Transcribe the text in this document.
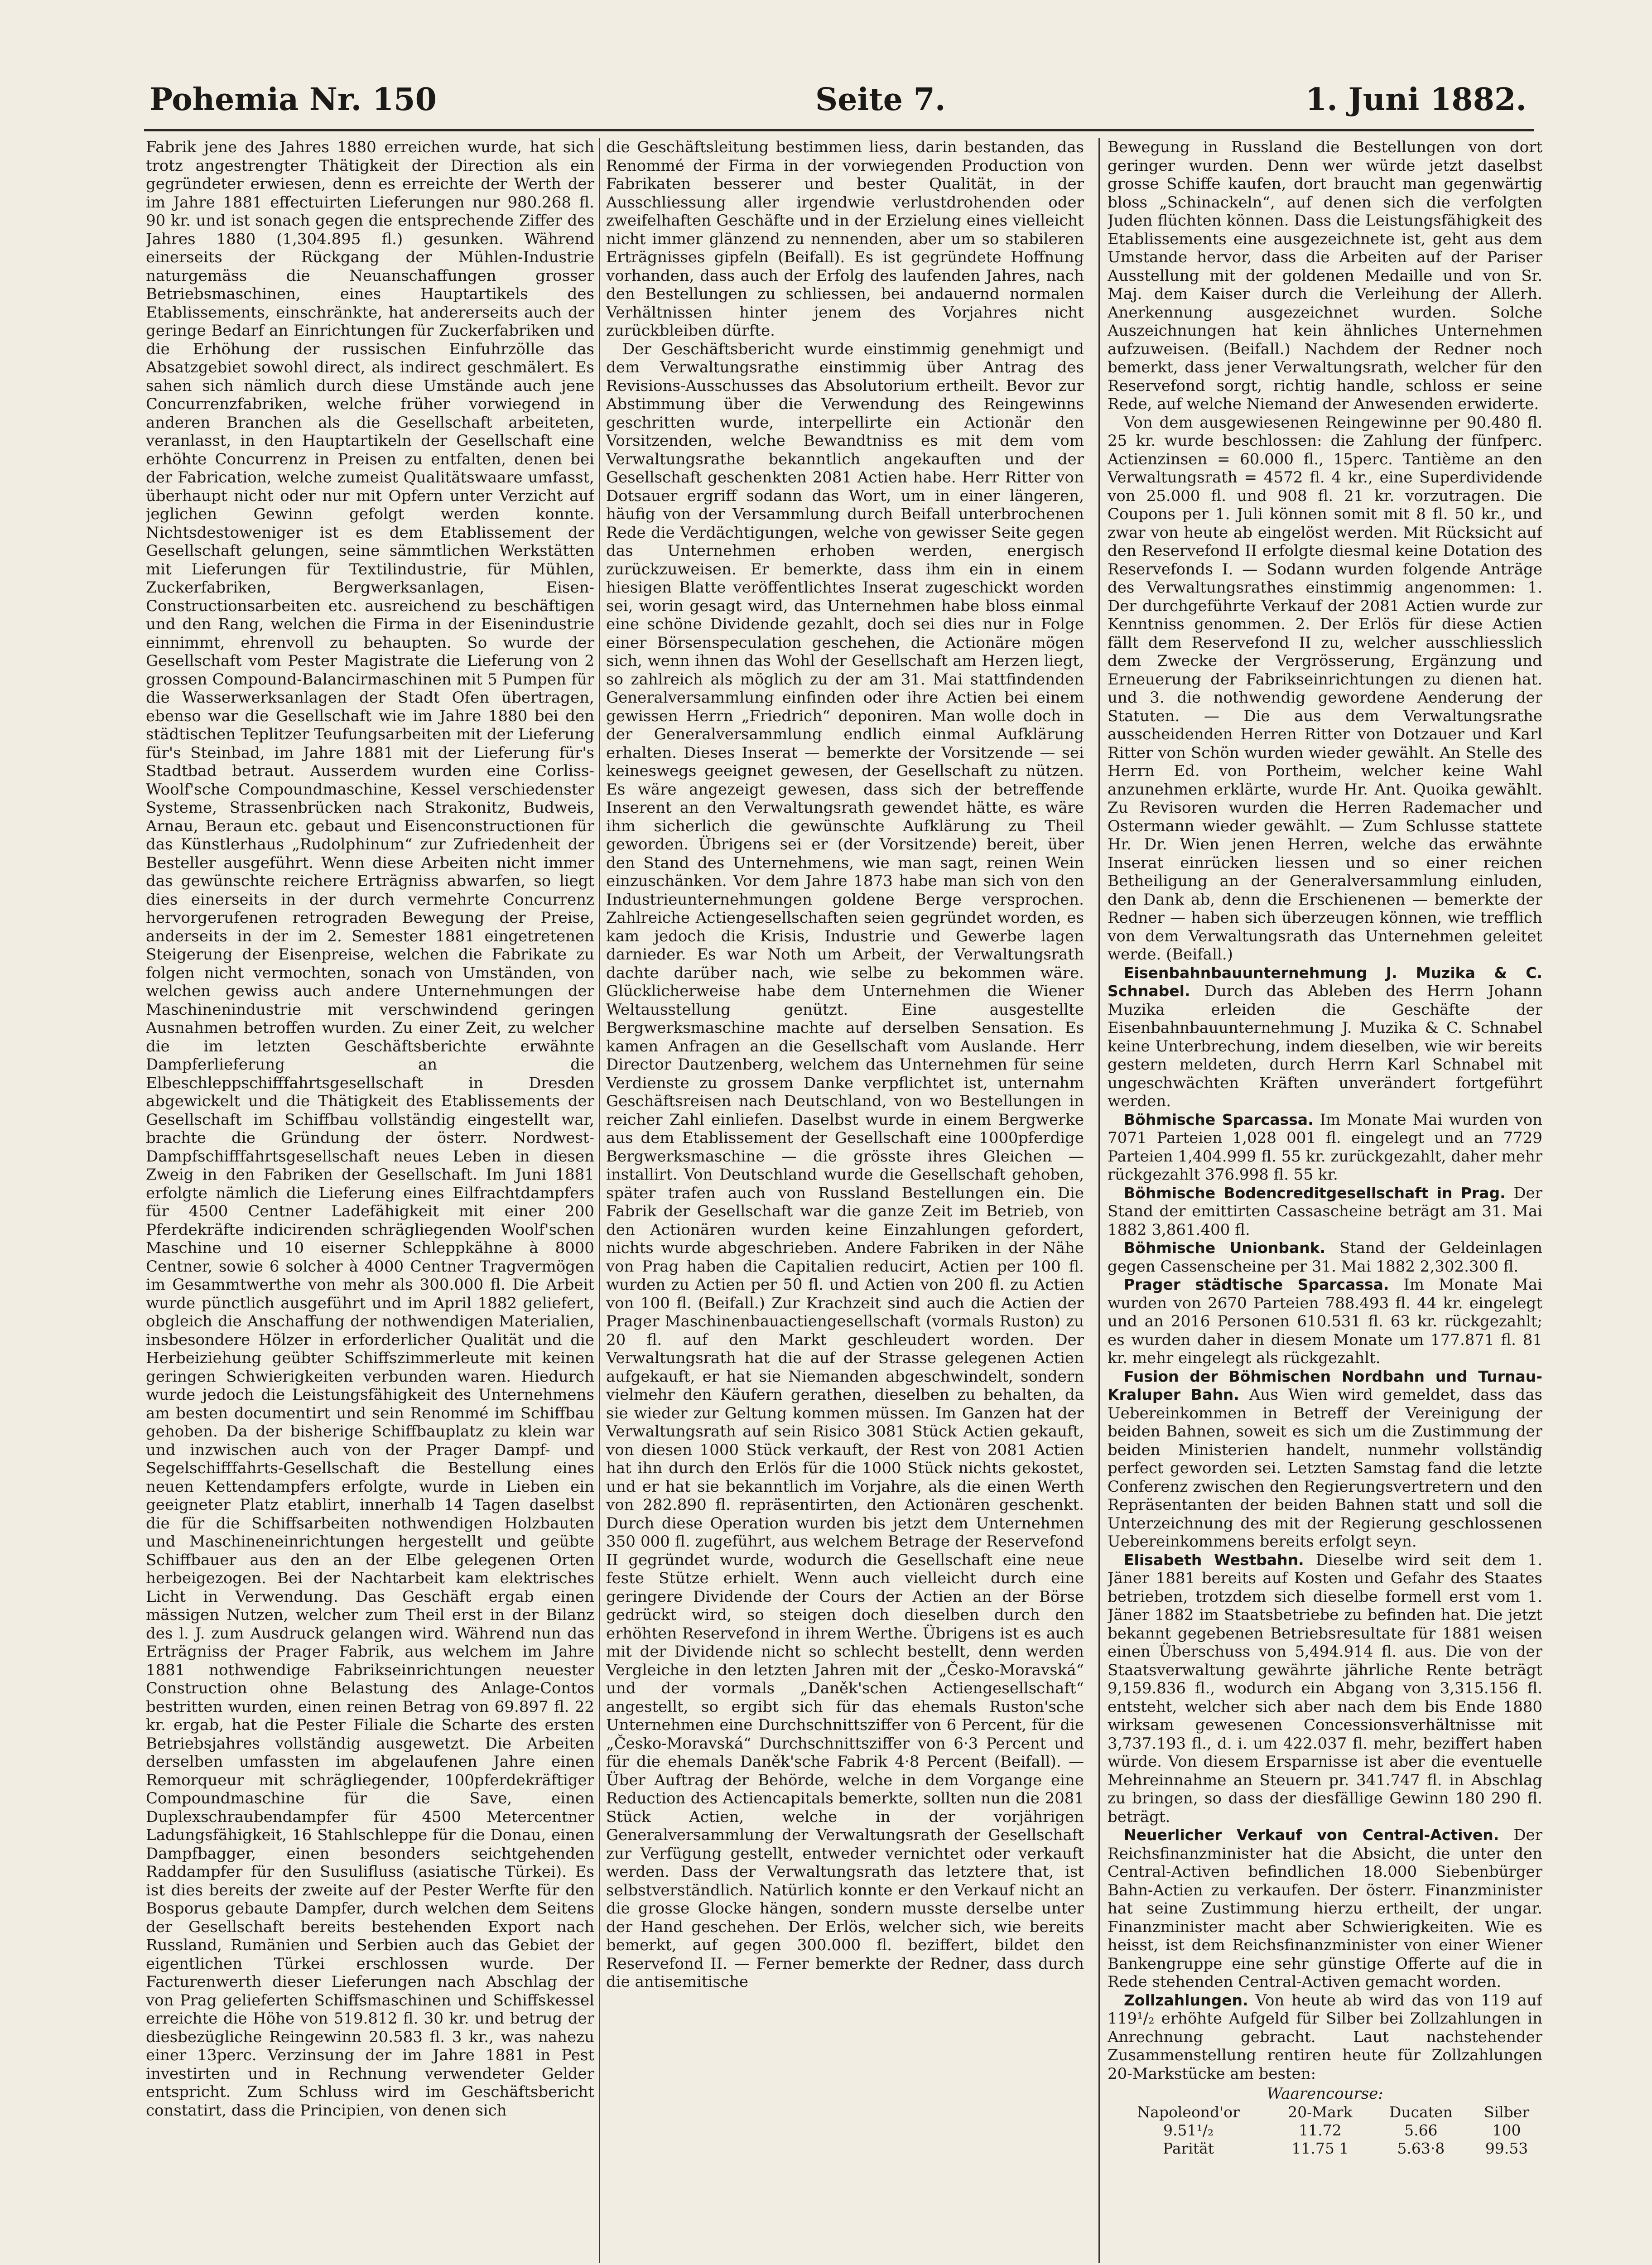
Pohemia Nr. 150	Seite 7.	1. Juni 1882.

Fabrik jene des Jahres 1880 erreichen wurde, hat sich trotz angestrengter Thätigkeit der Direction als ein gegründeter erwiesen, denn es erreichte der Werth der im Jahre 1881 effectuirten Lieferungen nur 980.268 fl. 90 kr. und ist sonach gegen die entsprechende Ziffer des Jahres 1880 (1,304.895 fl.) gesunken. Während einerseits der Rückgang der Mühlen-Industrie naturgemäss die Neuanschaffungen grosser Betriebsmaschinen, eines Hauptartikels des Etablissements, einschränkte, hat andererseits auch der geringe Bedarf an Einrichtungen für Zuckerfabriken und die Erhöhung der russischen Einfuhrzölle das Absatzgebiet sowohl direct, als indirect geschmälert. Es sahen sich nämlich durch diese Umstände auch jene Concurrenzfabriken, welche früher vorwiegend in anderen Branchen als die Gesellschaft arbeiteten, veranlasst, in den Hauptartikeln der Gesellschaft eine erhöhte Concurrenz in Preisen zu entfalten, denen bei der Fabrication, welche zumeist Qualitätswaare umfasst, überhaupt nicht oder nur mit Opfern unter Verzicht auf jeglichen Gewinn gefolgt werden konnte. Nichtsdestoweniger ist es dem Etablissement der Gesellschaft gelungen, seine sämmtlichen Werkstätten mit Lieferungen für Textilindustrie, für Mühlen, Zuckerfabriken, Bergwerksanlagen, Eisen-Constructionsarbeiten etc. ausreichend zu beschäftigen und den Rang, welchen die Firma in der Eisenindustrie einnimmt, ehrenvoll zu behaupten. So wurde der Gesellschaft vom Pester Magistrate die Lieferung von 2 grossen Compound-Balancirmaschinen mit 5 Pumpen für die Wasserwerksanlagen der Stadt Ofen übertragen, ebenso war die Gesellschaft wie im Jahre 1880 bei den städtischen Teplitzer Teufungsarbeiten mit der Lieferung für's Steinbad, im Jahre 1881 mit der Lieferung für's Stadtbad betraut. Ausserdem wurden eine Corliss-Woolf'sche Compoundmaschine, Kessel verschiedenster Systeme, Strassenbrücken nach Strakonitz, Budweis, Arnau, Beraun etc. gebaut und Eisenconstructionen für das Künstlerhaus „Rudolphinum“ zur Zufriedenheit der Besteller ausgeführt. Wenn diese Arbeiten nicht immer das gewünschte reichere Erträgniss abwarfen, so liegt dies einerseits in der durch vermehrte Concurrenz hervorgerufenen retrograden Bewegung der Preise, anderseits in der im 2. Semester 1881 eingetretenen Steigerung der Eisenpreise, welchen die Fabrikate zu folgen nicht vermochten, sonach von Umständen, von welchen gewiss auch andere Unternehmungen der Maschinenindustrie mit verschwindend geringen Ausnahmen betroffen wurden. Zu einer Zeit, zu welcher die im letzten Geschäftsberichte erwähnte Dampferlieferung an die Elbeschleppschifffahrtsgesellschaft in Dresden abgewickelt und die Thätigkeit des Etablissements der Gesellschaft im Schiffbau vollständig eingestellt war, brachte die Gründung der österr. Nordwest-Dampfschifffahrtsgesellschaft neues Leben in diesen Zweig in den Fabriken der Gesellschaft. Im Juni 1881 erfolgte nämlich die Lieferung eines Eilfrachtdampfers für 4500 Centner Ladefähigkeit mit einer 200 Pferdekräfte indicirenden schrägliegenden Woolf'schen Maschine und 10 eiserner Schleppkähne à 8000 Centner, sowie 6 solcher à 4000 Centner Tragvermögen im Gesammtwerthe von mehr als 300.000 fl. Die Arbeit wurde pünctlich ausgeführt und im April 1882 geliefert, obgleich die Anschaffung der nothwendigen Materialien, insbesondere Hölzer in erforderlicher Qualität und die Herbeiziehung geübter Schiffszimmerleute mit keinen geringen Schwierigkeiten verbunden waren. Hiedurch wurde jedoch die Leistungsfähigkeit des Unternehmens am besten documentirt und sein Renommé im Schiffbau gehoben. Da der bisherige Schiffbauplatz zu klein war und inzwischen auch von der Prager Dampf- und Segelschifffahrts-Gesellschaft die Bestellung eines neuen Kettendampfers erfolgte, wurde in Lieben ein geeigneter Platz etablirt, innerhalb 14 Tagen daselbst die für die Schiffsarbeiten nothwendigen Holzbauten und Maschineneinrichtungen hergestellt und geübte Schiffbauer aus den an der Elbe gelegenen Orten herbeigezogen. Bei der Nachtarbeit kam elektrisches Licht in Verwendung. Das Geschäft ergab einen mässigen Nutzen, welcher zum Theil erst in der Bilanz des l. J. zum Ausdruck gelangen wird. Während nun das Erträgniss der Prager Fabrik, aus welchem im Jahre 1881 nothwendige Fabrikseinrichtungen neuester Construction ohne Belastung des Anlage-Contos bestritten wurden, einen reinen Betrag von 69.897 fl. 22 kr. ergab, hat die Pester Filiale die Scharte des ersten Betriebsjahres vollständig ausgewetzt. Die Arbeiten derselben umfassten im abgelaufenen Jahre einen Remorqueur mit schrägliegender, 100pferdekräftiger Compoundmaschine für die Save, einen Duplexschraubendampfer für 4500 Metercentner Ladungsfähigkeit, 16 Stahlschleppe für die Donau, einen Dampfbagger, einen besonders seichtgehenden Raddampfer für den Susulifluss (asiatische Türkei). Es ist dies bereits der zweite auf der Pester Werfte für den Bosporus gebaute Dampfer, durch welchen dem Seitens der Gesellschaft bereits bestehenden Export nach Russland, Rumänien und Serbien auch das Gebiet der eigentlichen Türkei erschlossen wurde. Der Facturenwerth dieser Lieferungen nach Abschlag der von Prag gelieferten Schiffsmaschinen und Schiffskessel erreichte die Höhe von 519.812 fl. 30 kr. und betrug der diesbezügliche Reingewinn 20.583 fl. 3 kr., was nahezu einer 13perc. Verzinsung der im Jahre 1881 in Pest investirten und in Rechnung verwendeter Gelder entspricht. Zum Schluss wird im Geschäftsbericht constatirt, dass die Principien, von denen sich

die Geschäftsleitung bestimmen liess, darin bestanden, das Renommé der Firma in der vorwiegenden Production von Fabrikaten besserer und bester Qualität, in der Ausschliessung aller irgendwie verlustdrohenden oder zweifelhaften Geschäfte und in der Erzielung eines vielleicht nicht immer glänzend zu nennenden, aber um so stabileren Erträgnisses gipfeln (Beifall). Es ist gegründete Hoffnung vorhanden, dass auch der Erfolg des laufenden Jahres, nach den Bestellungen zu schliessen, bei andauernd normalen Verhältnissen hinter jenem des Vorjahres nicht zurückbleiben dürfte.

Der Geschäftsbericht wurde einstimmig genehmigt und dem Verwaltungsrathe einstimmig über Antrag des Revisions-Ausschusses das Absolutorium ertheilt. Bevor zur Abstimmung über die Verwendung des Reingewinns geschritten wurde, interpellirte ein Actionär den Vorsitzenden, welche Bewandtniss es mit dem vom Verwaltungsrathe bekanntlich angekauften und der Gesellschaft geschenkten 2081 Actien habe. Herr Ritter von Dotsauer ergriff sodann das Wort, um in einer längeren, häufig von der Versammlung durch Beifall unterbrochenen Rede die Verdächtigungen, welche von gewisser Seite gegen das Unternehmen erhoben werden, energisch zurückzuweisen. Er bemerkte, dass ihm ein in einem hiesigen Blatte veröffentlichtes Inserat zugeschickt worden sei, worin gesagt wird, das Unternehmen habe bloss einmal eine schöne Dividende gezahlt, doch sei dies nur in Folge einer Börsenspeculation geschehen, die Actionäre mögen sich, wenn ihnen das Wohl der Gesellschaft am Herzen liegt, so zahlreich als möglich zu der am 31. Mai stattfindenden Generalversammlung einfinden oder ihre Actien bei einem gewissen Herrn „Friedrich“ deponiren. Man wolle doch in der Generalversammlung endlich einmal Aufklärung erhalten. Dieses Inserat — bemerkte der Vorsitzende — sei keineswegs geeignet gewesen, der Gesellschaft zu nützen. Es wäre angezeigt gewesen, dass sich der betreffende Inserent an den Verwaltungsrath gewendet hätte, es wäre ihm sicherlich die gewünschte Aufklärung zu Theil geworden. Übrigens sei er (der Vorsitzende) bereit, über den Stand des Unternehmens, wie man sagt, reinen Wein einzuschänken. Vor dem Jahre 1873 habe man sich von den Industrieunternehmungen goldene Berge versprochen. Zahlreiche Actiengesellschaften seien gegründet worden, es kam jedoch die Krisis, Industrie und Gewerbe lagen darnieder. Es war Noth um Arbeit, der Verwaltungsrath dachte darüber nach, wie selbe zu bekommen wäre. Glücklicherweise habe dem Unternehmen die Wiener Weltausstellung genützt. Eine ausgestellte Bergwerksmaschine machte auf derselben Sensation. Es kamen Anfragen an die Gesellschaft vom Auslande. Herr Director Dautzenberg, welchem das Unternehmen für seine Verdienste zu grossem Danke verpflichtet ist, unternahm Geschäftsreisen nach Deutschland, von wo Bestellungen in reicher Zahl einliefen. Daselbst wurde in einem Bergwerke aus dem Etablissement der Gesellschaft eine 1000pferdige Bergwerksmaschine — die grösste ihres Gleichen — installirt. Von Deutschland wurde die Gesellschaft gehoben, später trafen auch von Russland Bestellungen ein. Die Fabrik der Gesellschaft war die ganze Zeit im Betrieb, von den Actionären wurden keine Einzahlungen gefordert, nichts wurde abgeschrieben. Andere Fabriken in der Nähe von Prag haben die Capitalien reducirt, Actien per 100 fl. wurden zu Actien per 50 fl. und Actien von 200 fl. zu Actien von 100 fl. (Beifall.) Zur Krachzeit sind auch die Actien der Prager Maschinenbauactiengesellschaft (vormals Ruston) zu 20 fl. auf den Markt geschleudert worden. Der Verwaltungsrath hat die auf der Strasse gelegenen Actien aufgekauft, er hat sie Niemanden abgeschwindelt, sondern vielmehr den Käufern gerathen, dieselben zu behalten, da sie wieder zur Geltung kommen müssen. Im Ganzen hat der Verwaltungsrath auf sein Risico 3081 Stück Actien gekauft, von diesen 1000 Stück verkauft, der Rest von 2081 Actien hat ihn durch den Erlös für die 1000 Stück nichts gekostet, und er hat sie bekanntlich im Vorjahre, als die einen Werth von 282.890 fl. repräsentirten, den Actionären geschenkt. Durch diese Operation wurden bis jetzt dem Unternehmen 350 000 fl. zugeführt, aus welchem Betrage der Reservefond II gegründet wurde, wodurch die Gesellschaft eine neue feste Stütze erhielt. Wenn auch vielleicht durch eine geringere Dividende der Cours der Actien an der Börse gedrückt wird, so steigen doch dieselben durch den erhöhten Reservefond in ihrem Werthe. Übrigens ist es auch mit der Dividende nicht so schlecht bestellt, denn werden Vergleiche in den letzten Jahren mit der „Česko-Moravská“ und der vormals „Daněk'schen Actiengesellschaft“ angestellt, so ergibt sich für das ehemals Ruston'sche Unternehmen eine Durchschnittsziffer von 6 Percent, für die „Česko-Moravská“ Durchschnittsziffer von 6·3 Percent und für die ehemals Daněk'sche Fabrik 4·8 Percent (Beifall). — Über Auftrag der Behörde, welche in dem Vorgange eine Reduction des Actiencapitals bemerkte, sollten nun die 2081 Stück Actien, welche in der vorjährigen Generalversammlung der Verwaltungsrath der Gesellschaft zur Verfügung gestellt, entweder vernichtet oder verkauft werden. Dass der Verwaltungsrath das letztere that, ist selbstverständlich. Natürlich konnte er den Verkauf nicht an die grosse Glocke hängen, sondern musste derselbe unter der Hand geschehen. Der Erlös, welcher sich, wie bereits bemerkt, auf gegen 300.000 fl. beziffert, bildet den Reservefond II. — Ferner bemerkte der Redner, dass durch die antisemitische

Bewegung in Russland die Bestellungen von dort geringer wurden. Denn wer würde jetzt daselbst grosse Schiffe kaufen, dort braucht man gegenwärtig bloss „Schinackeln“, auf denen sich die verfolgten Juden flüchten können. Dass die Leistungsfähigkeit des Etablissements eine ausgezeichnete ist, geht aus dem Umstande hervor, dass die Arbeiten auf der Pariser Ausstellung mit der goldenen Medaille und von Sr. Maj. dem Kaiser durch die Verleihung der Allerh. Anerkennung ausgezeichnet wurden. Solche Auszeichnungen hat kein ähnliches Unternehmen aufzuweisen. (Beifall.) Nachdem der Redner noch bemerkt, dass jener Verwaltungsrath, welcher für den Reservefond sorgt, richtig handle, schloss er seine Rede, auf welche Niemand der Anwesenden erwiderte.

Von dem ausgewiesenen Reingewinne per 90.480 fl. 25 kr. wurde beschlossen: die Zahlung der fünfperc. Actienzinsen = 60.000 fl., 15perc. Tantième an den Verwaltungsrath = 4572 fl. 4 kr., eine Superdividende von 25.000 fl. und 908 fl. 21 kr. vorzutragen. Die Coupons per 1. Juli können somit mit 8 fl. 50 kr., und zwar von heute ab eingelöst werden. Mit Rücksicht auf den Reservefond II erfolgte diesmal keine Dotation des Reservefonds I. — Sodann wurden folgende Anträge des Verwaltungsrathes einstimmig angenommen: 1. Der durchgeführte Verkauf der 2081 Actien wurde zur Kenntniss genommen. 2. Der Erlös für diese Actien fällt dem Reservefond II zu, welcher ausschliesslich dem Zwecke der Vergrösserung, Ergänzung und Erneuerung der Fabrikseinrichtungen zu dienen hat. und 3. die nothwendig gewordene Aenderung der Statuten. — Die aus dem Verwaltungsrathe ausscheidenden Herren Ritter von Dotzauer und Karl Ritter von Schön wurden wieder gewählt. An Stelle des Herrn Ed. von Portheim, welcher keine Wahl anzunehmen erklärte, wurde Hr. Ant. Quoika gewählt. Zu Revisoren wurden die Herren Rademacher und Ostermann wieder gewählt. — Zum Schlusse stattete Hr. Dr. Wien jenen Herren, welche das erwähnte Inserat einrücken liessen und so einer reichen Betheiligung an der Generalversammlung einluden, den Dank ab, denn die Erschienenen — bemerkte der Redner — haben sich überzeugen können, wie trefflich von dem Verwaltungsrath das Unternehmen geleitet werde. (Beifall.)

Eisenbahnbauunternehmung J. Muzika & C. Schnabel. Durch das Ableben des Herrn Johann Muzika erleiden die Geschäfte der Eisenbahnbauunternehmung J. Muzika & C. Schnabel keine Unterbrechung, indem dieselben, wie wir bereits gestern meldeten, durch Herrn Karl Schnabel mit ungeschwächten Kräften unverändert fortgeführt werden.

Böhmische Sparcassa. Im Monate Mai wurden von 7071 Parteien 1,028 001 fl. eingelegt und an 7729 Parteien 1,404.999 fl. 55 kr. zurückgezahlt, daher mehr rückgezahlt 376.998 fl. 55 kr.

Böhmische Bodencreditgesellschaft in Prag. Der Stand der emittirten Cassascheine beträgt am 31. Mai 1882 3,861.400 fl.

Böhmische Unionbank. Stand der Geldeinlagen gegen Cassenscheine per 31. Mai 1882 2,302.300 fl.

Prager städtische Sparcassa. Im Monate Mai wurden von 2670 Parteien 788.493 fl. 44 kr. eingelegt und an 2016 Personen 610.531 fl. 63 kr. rückgezahlt; es wurden daher in diesem Monate um 177.871 fl. 81 kr. mehr eingelegt als rückgezahlt.

Fusion der Böhmischen Nordbahn und Turnau-Kraluper Bahn. Aus Wien wird gemeldet, dass das Uebereinkommen in Betreff der Vereinigung der beiden Bahnen, soweit es sich um die Zustimmung der beiden Ministerien handelt, nunmehr vollständig perfect geworden sei. Letzten Samstag fand die letzte Conferenz zwischen den Regierungsvertretern und den Repräsentanten der beiden Bahnen statt und soll die Unterzeichnung des mit der Regierung geschlossenen Uebereinkommens bereits erfolgt seyn.

Elisabeth Westbahn. Dieselbe wird seit dem 1. Jäner 1881 bereits auf Kosten und Gefahr des Staates betrieben, trotzdem sich dieselbe formell erst vom 1. Jäner 1882 im Staatsbetriebe zu befinden hat. Die jetzt bekannt gegebenen Betriebsresultate für 1881 weisen einen Überschuss von 5,494.914 fl. aus. Die von der Staatsverwaltung gewährte jährliche Rente beträgt 9,159.836 fl., wodurch ein Abgang von 3,315.156 fl. entsteht, welcher sich aber nach dem bis Ende 1880 wirksam gewesenen Concessionsverhältnisse mit 3,737.193 fl., d. i. um 422.037 fl. mehr, beziffert haben würde. Von diesem Ersparnisse ist aber die eventuelle Mehreinnahme an Steuern pr. 341.747 fl. in Abschlag zu bringen, so dass der diesfällige Gewinn 180 290 fl. beträgt.

Neuerlicher Verkauf von Central-Activen. Der Reichsfinanzminister hat die Absicht, die unter den Central-Activen befindlichen 18.000 Siebenbürger Bahn-Actien zu verkaufen. Der österr. Finanzminister hat seine Zustimmung hierzu ertheilt, der ungar. Finanzminister macht aber Schwierigkeiten. Wie es heisst, ist dem Reichsfinanzminister von einer Wiener Bankengruppe eine sehr günstige Offerte auf die in Rede stehenden Central-Activen gemacht worden.

Zollzahlungen. Von heute ab wird das von 119 auf 119¹/₂ erhöhte Aufgeld für Silber bei Zollzahlungen in Anrechnung gebracht. Laut nachstehender Zusammenstellung rentiren heute für Zollzahlungen 20-Markstücke am besten:

Waarencourse:
Napoleond'or	20-Mark	Ducaten	Silber
9.51¹/₂	11.72	5.66	100
Parität	11.75 1	5.63·8	99.53
